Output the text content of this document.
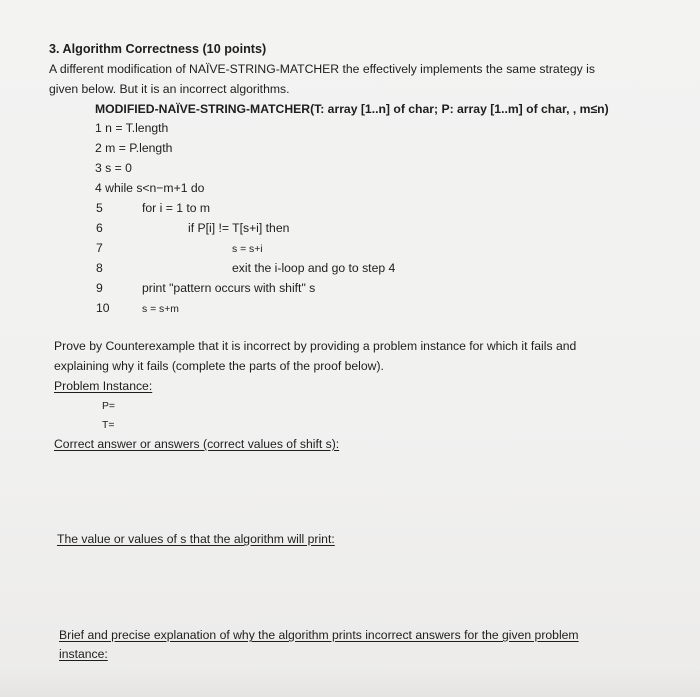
3. Algorithm Correctness (10 points)
A different modification of NAÏVE-STRING-MATCHER the effectively implements the same strategy is
given below. But it is an incorrect algorithms.
MODIFIED-NAÏVE-STRING-MATCHER(T: array [1..n] of char; P: array [1..m] of char, , m≤n)
1 n = T.length
2 m = P.length
3 s = 0
4 while s<n−m+1 do
5	for i = 1 to m
6	if P[i] != T[s+i] then
7	s = s+i
8	exit the i-loop and go to step 4
9	print "pattern occurs with shift" s
10	s = s+m
Prove by Counterexample that it is incorrect by providing a problem instance for which it fails and
explaining why it fails (complete the parts of the proof below).
Problem Instance:
P=
T=
Correct answer or answers (correct values of shift s):
The value or values of s that the algorithm will print:
Brief and precise explanation of why the algorithm prints incorrect answers for the given problem
instance:
